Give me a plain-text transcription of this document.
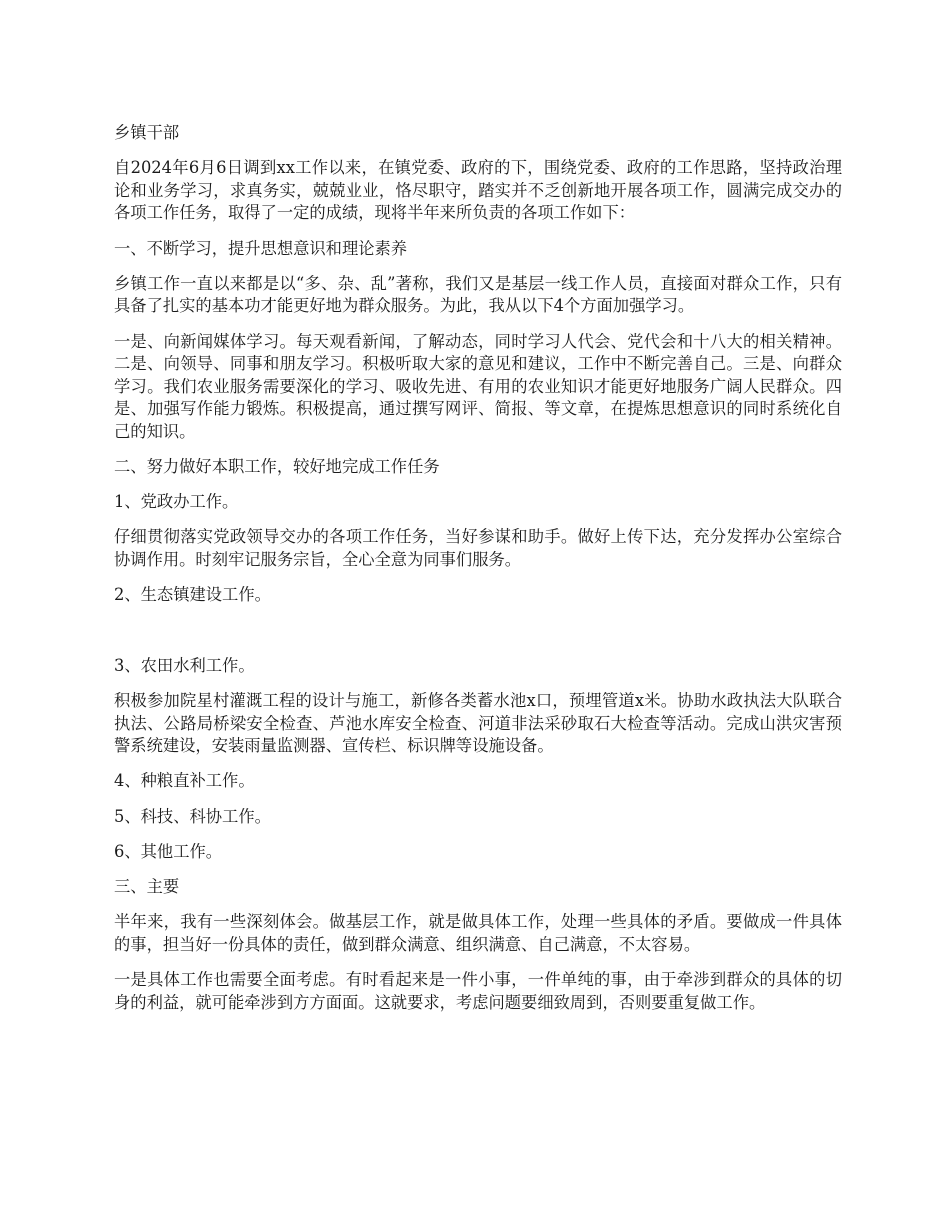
乡镇干部

自2024年6月6日调到xx工作以来，在镇党委、政府的下，围绕党委、政府的工作思路，坚持政治理论和业务学习，求真务实，兢兢业业，恪尽职守，踏实并不乏创新地开展各项工作，圆满完成交办的各项工作任务，取得了一定的成绩，现将半年来所负责的各项工作如下：

一、不断学习，提升思想意识和理论素养

乡镇工作一直以来都是以“多、杂、乱”著称，我们又是基层一线工作人员，直接面对群众工作，只有具备了扎实的基本功才能更好地为群众服务。为此，我从以下4个方面加强学习。

一是、向新闻媒体学习。每天观看新闻，了解动态，同时学习人代会、党代会和十八大的相关精神。二是、向领导、同事和朋友学习。积极听取大家的意见和建议，工作中不断完善自己。三是、向群众学习。我们农业服务需要深化的学习、吸收先进、有用的农业知识才能更好地服务广阔人民群众。四是、加强写作能力锻炼。积极提高，通过撰写网评、简报、等文章，在提炼思想意识的同时系统化自己的知识。

二、努力做好本职工作，较好地完成工作任务

1、党政办工作。

仔细贯彻落实党政领导交办的各项工作任务，当好参谋和助手。做好上传下达，充分发挥办公室综合协调作用。时刻牢记服务宗旨，全心全意为同事们服务。

2、生态镇建设工作。

3、农田水利工作。

积极参加院星村灌溉工程的设计与施工，新修各类蓄水池x口，预埋管道x米。协助水政执法大队联合执法、公路局桥梁安全检查、芦池水库安全检查、河道非法采砂取石大检查等活动。完成山洪灾害预警系统建设，安装雨量监测器、宣传栏、标识牌等设施设备。

4、种粮直补工作。

5、科技、科协工作。

6、其他工作。

三、主要

半年来，我有一些深刻体会。做基层工作，就是做具体工作，处理一些具体的矛盾。要做成一件具体的事，担当好一份具体的责任，做到群众满意、组织满意、自己满意，不太容易。

一是具体工作也需要全面考虑。有时看起来是一件小事，一件单纯的事，由于牵涉到群众的具体的切身的利益，就可能牵涉到方方面面。这就要求，考虑问题要细致周到，否则要重复做工作。
